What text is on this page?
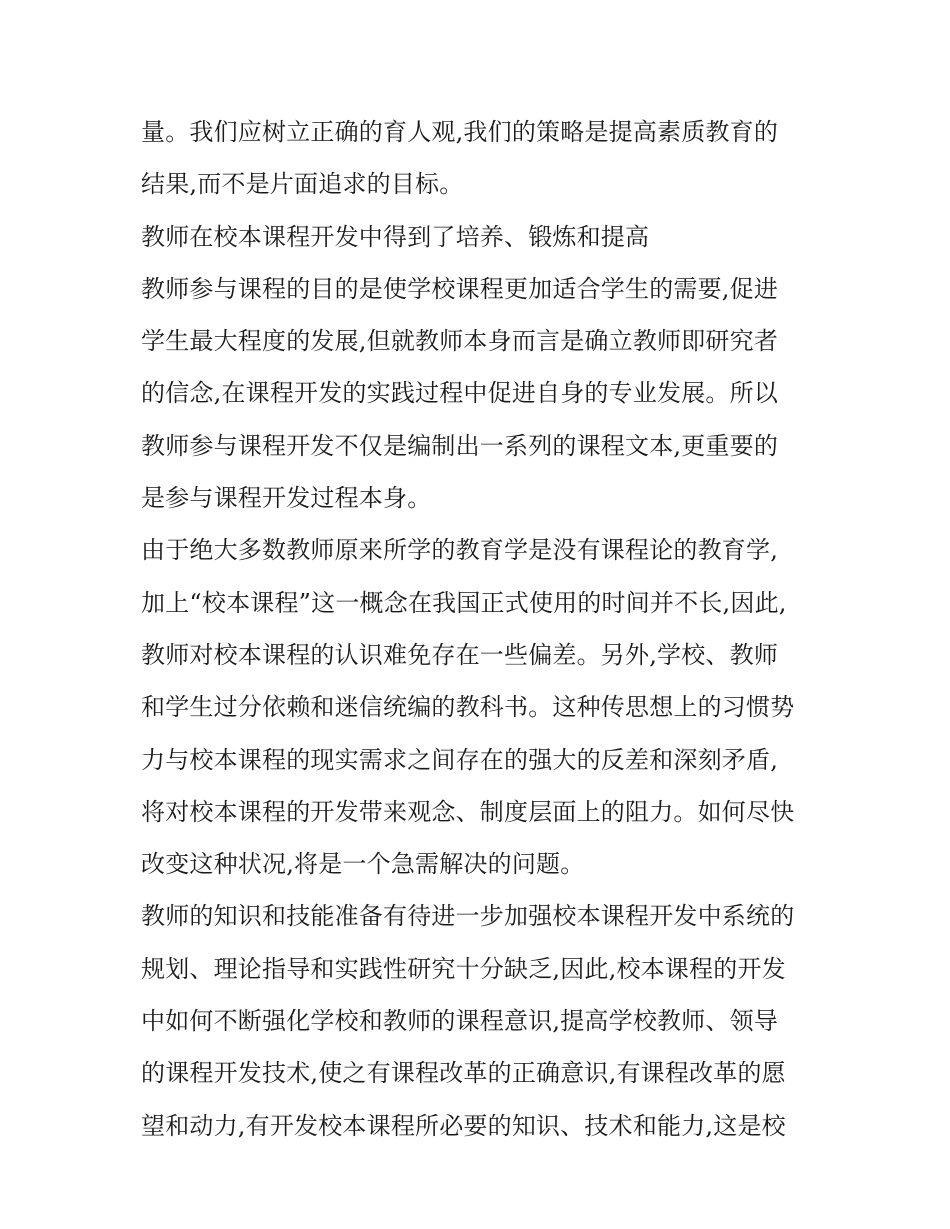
量。我们应树立正确的育人观,我们的策略是提高素质教育的
结果,而不是片面追求的目标。
教师在校本课程开发中得到了培养、锻炼和提高
教师参与课程的目的是使学校课程更加适合学生的需要,促进
学生最大程度的发展,但就教师本身而言是确立教师即研究者
的信念,在课程开发的实践过程中促进自身的专业发展。所以
教师参与课程开发不仅是编制出一系列的课程文本,更重要的
是参与课程开发过程本身。
由于绝大多数教师原来所学的教育学是没有课程论的教育学,
加上“校本课程”这一概念在我国正式使用的时间并不长,因此,
教师对校本课程的认识难免存在一些偏差。另外,学校、教师
和学生过分依赖和迷信统编的教科书。这种传思想上的习惯势
力与校本课程的现实需求之间存在的强大的反差和深刻矛盾,
将对校本课程的开发带来观念、制度层面上的阻力。如何尽快
改变这种状况,将是一个急需解决的问题。
教师的知识和技能准备有待进一步加强校本课程开发中系统的
规划、理论指导和实践性研究十分缺乏,因此,校本课程的开发
中如何不断强化学校和教师的课程意识,提高学校教师、领导
的课程开发技术,使之有课程改革的正确意识,有课程改革的愿
望和动力,有开发校本课程所必要的知识、技术和能力,这是校
